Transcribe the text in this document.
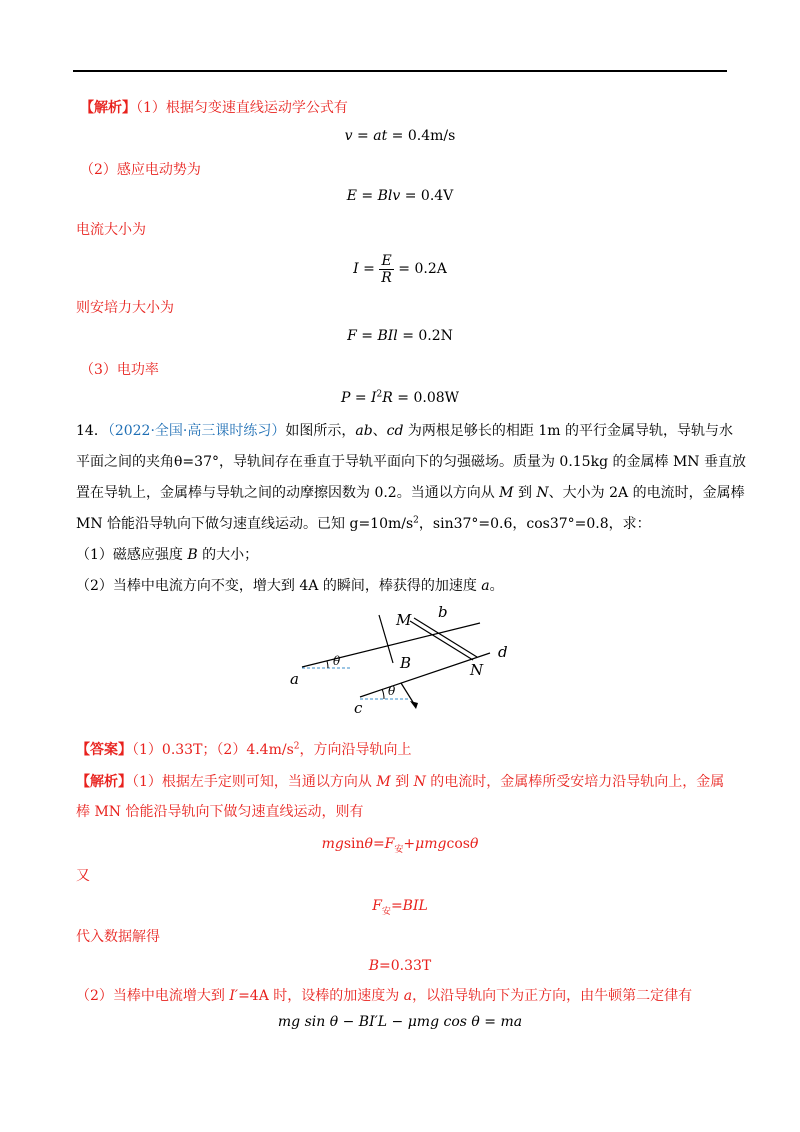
【解析】（1）根据匀变速直线运动学公式有
v = at = 0.4m/s
（2）感应电动势为
E = Blv = 0.4V
电流大小为
$I = \frac{E}{R} = 0.2A$
则安培力大小为
F = BIl = 0.2N
（3）电功率
$P = I^2R = 0.08W$
14．（2022·全国·高三课时练习）如图所示，ab、cd 为两根足够长的相距 1m 的平行金属导轨，导轨与水
平面之间的夹角θ=37°，导轨间存在垂直于导轨平面向下的匀强磁场。质量为 0.15kg 的金属棒 MN 垂直放
置在导轨上，金属棒与导轨之间的动摩擦因数为 0.2。当通以方向从 M 到 N、大小为 2A 的电流时，金属棒
MN 恰能沿导轨向下做匀速直线运动。已知 $g=10m/s^2$，sin37°=0.6，cos37°=0.8，求：
（1）磁感应强度 B 的大小；
（2）当棒中电流方向不变，增大到 4A 的瞬间，棒获得的加速度 a。
M b
d
N
B
a
c
θ
θ
【答案】（1）0.33T；$(2)4.4m/s^2$，方向沿导轨向上
【解析】（1）根据左手定则可知，当通以方向从 M 到 N 的电流时，金属棒所受安培力沿导轨向上，金属
棒 MN 恰能沿导轨向下做匀速直线运动，则有
$mgsin\theta=F_安+\mu mgcos\theta$
又
$F_安=BIL$
代入数据解得
B=0.33T
（2）当棒中电流增大到 I′=4A 时，设棒的加速度为 a，以沿导轨向下为正方向，由牛顿第二定律有
mg sin θ − BI′L − μmg cos θ = ma
